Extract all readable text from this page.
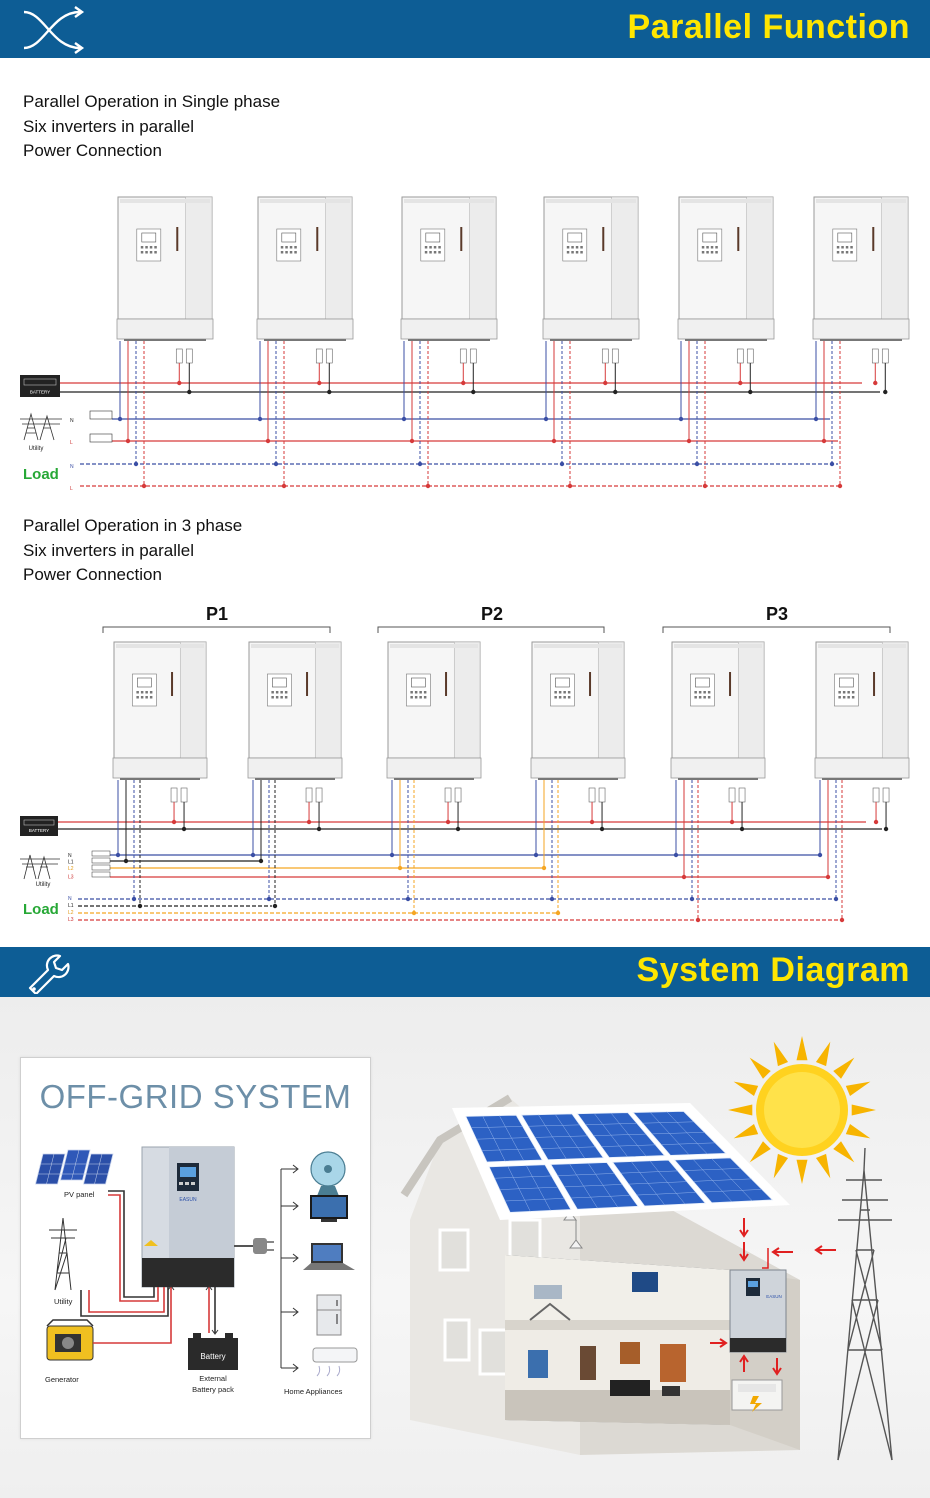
Parallel Function
Parallel Operation in Single phase
Six inverters in parallel
Power Connection
BATTERY
Utility
N
L
Load N
L
Parallel Operation in 3 phase
Six inverters in parallel
Power Connection
P1	P2	P3
BATTERY
Utility
N
L1
L2
L3
Load
N
L1
L2
L3
System Diagram
OFF-GRID SYSTEM
PV panel
Utility
Generator
EASUN
Home Appliances
Battery
External
Battery pack
EASUN
